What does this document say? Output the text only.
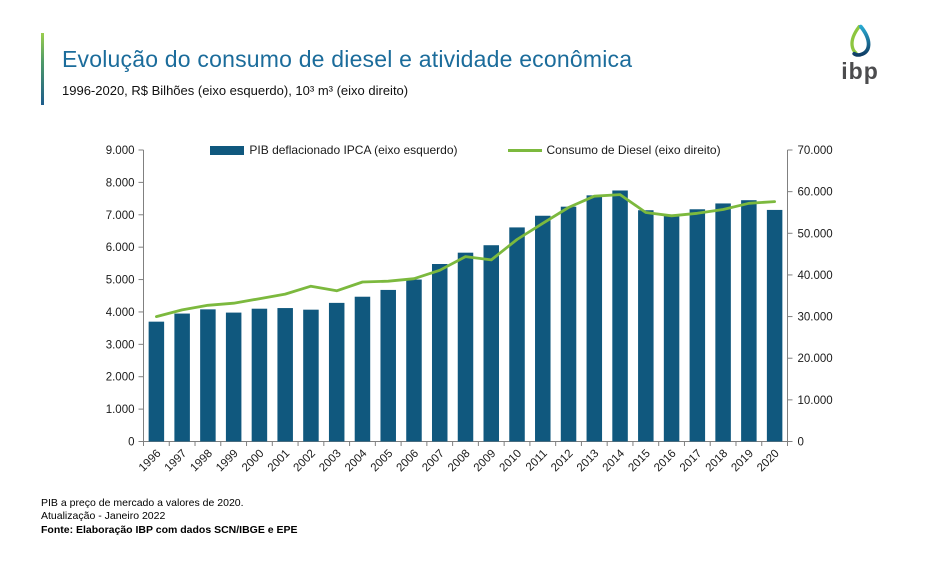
Evolução do consumo de diesel e atividade econômica
1996-2020, R$ Bilhões (eixo esquerdo), 10³ m³ (eixo direito)
ibp
PIB deflacionado IPCA (eixo esquerdo)	Consumo de Diesel (eixo direito)
0
1.000
2.000
3.000
4.000
5.000
6.000
7.000
8.000
9.000
0
10.000
20.000
30.000
40.000
50.000
60.000
70.000
1996 1997 1998 1999 2000 2001 2002 2003 2004 2005 2006 2007 2008 2009 2010 2011 2012 2013 2014 2015 2016 2017 2018 2019 2020
PIB a preço de mercado a valores de 2020.
Atualização - Janeiro 2022
Fonte: Elaboração IBP com dados SCN/IBGE e EPE
